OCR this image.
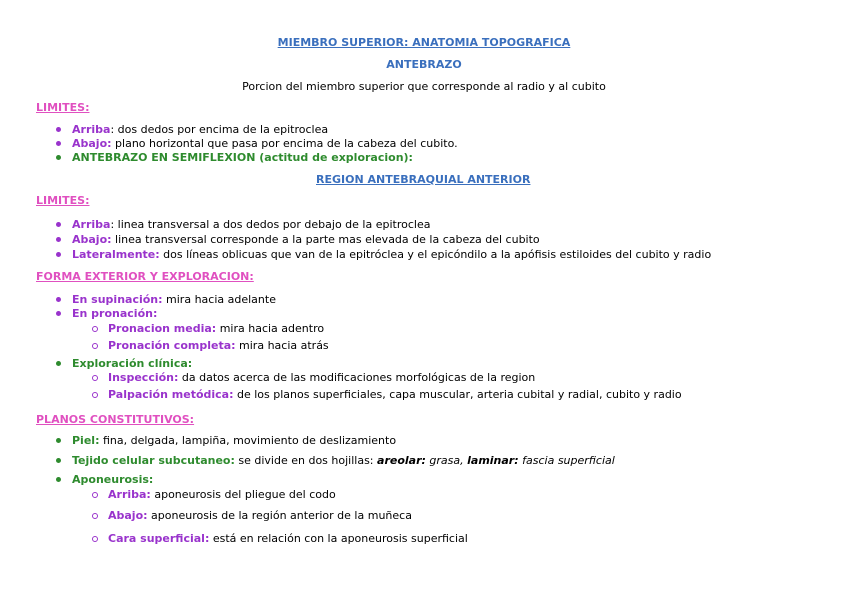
MIEMBRO SUPERIOR: ANATOMIA TOPOGRAFICA
ANTEBRAZO
Porcion del miembro superior que corresponde al radio y al cubito
LIMITES:
Arriba: dos dedos por encima de la epitroclea
Abajo: plano horizontal que pasa por encima de la cabeza del cubito.
ANTEBRAZO EN SEMIFLEXION (actitud de exploracion):
REGION ANTEBRAQUIAL ANTERIOR
LIMITES:
Arriba: linea transversal a dos dedos por debajo de la epitroclea
Abajo: linea transversal corresponde a la parte mas elevada de la cabeza del cubito
Lateralmente: dos líneas oblicuas que van de la epitróclea y el epicóndilo a la apófisis estiloides del cubito y radio
FORMA EXTERIOR Y EXPLORACION:
En supinación: mira hacia adelante
En pronación:
Pronacion media: mira hacia adentro
Pronación completa: mira hacia atrás
Exploración clínica:
Inspección: da datos acerca de las modificaciones morfológicas de la region
Palpación metódica: de los planos superficiales, capa muscular, arteria cubital y radial, cubito y radio
PLANOS CONSTITUTIVOS:
Piel: fina, delgada, lampiña, movimiento de deslizamiento
Tejido celular subcutaneo: se divide en dos hojillas: areolar: grasa, laminar: fascia superficial
Aponeurosis:
Arriba: aponeurosis del pliegue del codo
Abajo: aponeurosis de la región anterior de la muñeca
Cara superficial: está en relación con la aponeurosis superficial
